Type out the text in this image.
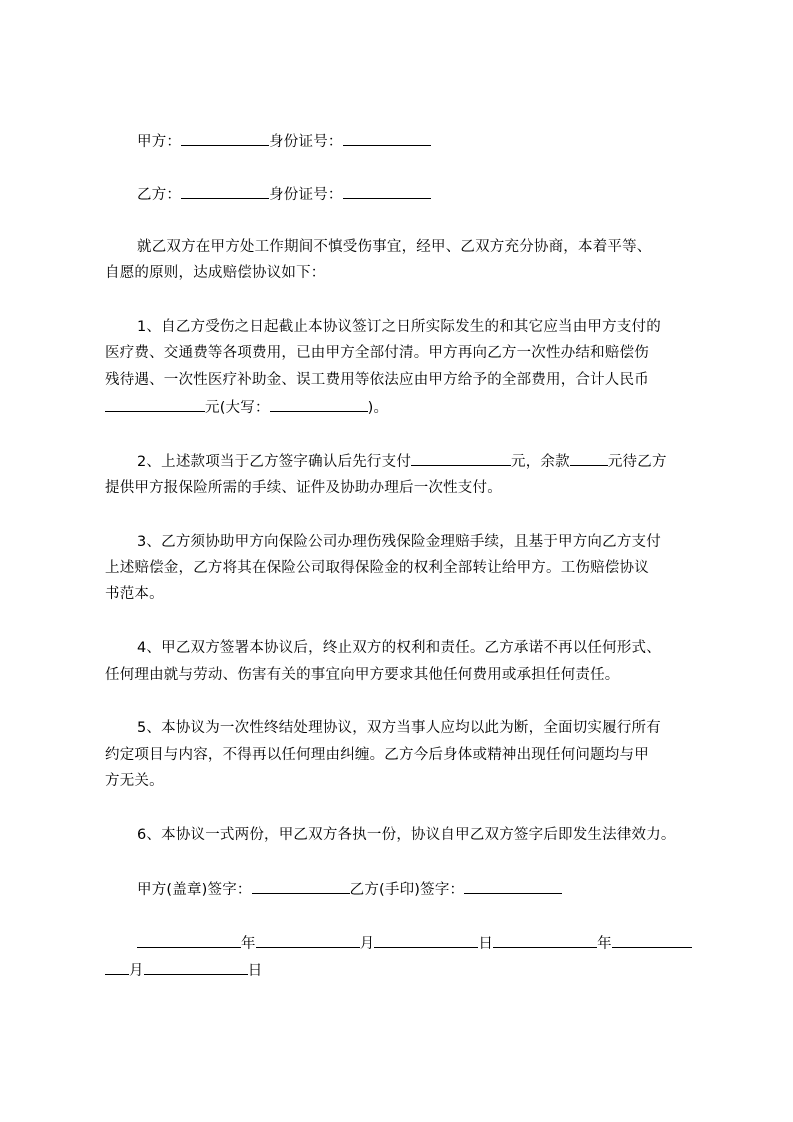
甲方：	身份证号：
乙方：	身份证号：
就乙双方在甲方处工作期间不慎受伤事宜，经甲、乙双方充分协商，本着平等、
自愿的原则，达成赔偿协议如下：
1、自乙方受伤之日起截止本协议签订之日所实际发生的和其它应当由甲方支付的
医疗费、交通费等各项费用，已由甲方全部付清。甲方再向乙方一次性办结和赔偿伤
残待遇、一次性医疗补助金、误工费用等依法应由甲方给予的全部费用，合计人民币
元(大写：	)。
2、上述款项当于乙方签字确认后先行支付	元，余款	元待乙方
提供甲方报保险所需的手续、证件及协助办理后一次性支付。
3、乙方须协助甲方向保险公司办理伤残保险金理赔手续，且基于甲方向乙方支付
上述赔偿金，乙方将其在保险公司取得保险金的权利全部转让给甲方。工伤赔偿协议
书范本。
4、甲乙双方签署本协议后，终止双方的权利和责任。乙方承诺不再以任何形式、
任何理由就与劳动、伤害有关的事宜向甲方要求其他任何费用或承担任何责任。
5、本协议为一次性终结处理协议，双方当事人应均以此为断，全面切实履行所有
约定项目与内容，不得再以任何理由纠缠。乙方今后身体或精神出现任何问题均与甲
方无关。
6、本协议一式两份，甲乙双方各执一份，协议自甲乙双方签字后即发生法律效力。
甲方(盖章)签字：	乙方(手印)签字：
年	月	日	年
月	日
